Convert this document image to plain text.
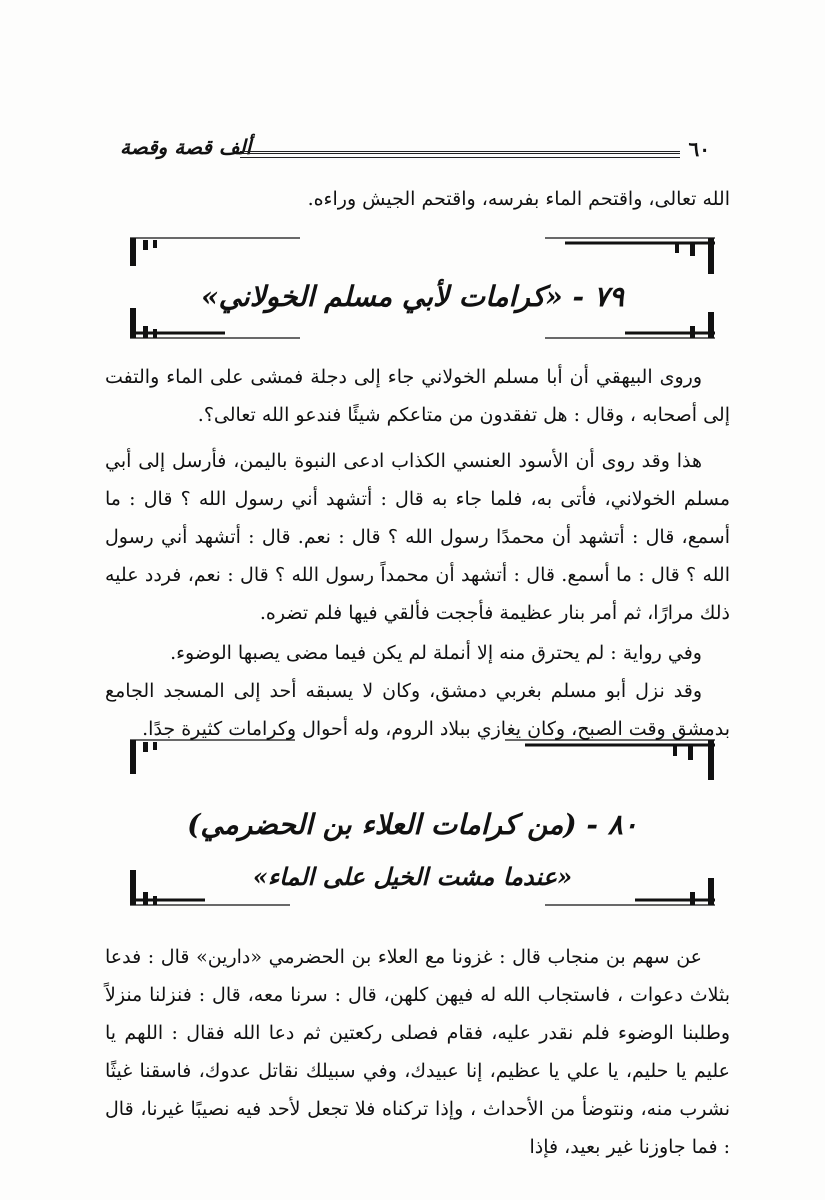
ألف قصة وقصة	٦٠

الله تعالى، واقتحم الماء بفرسه، واقتحم الجيش وراءه.

٧٩ - «كرامات لأبي مسلم الخولاني»

وروى البيهقي أن أبا مسلم الخولاني جاء إلى دجلة فمشى على الماء والتفت إلى أصحابه ، وقال : هل تفقدون من متاعكم شيئًا فندعو الله تعالى؟.

هذا وقد روى أن الأسود العنسي الكذاب ادعى النبوة باليمن، فأرسل إلى أبي مسلم الخولاني، فأتى به، فلما جاء به قال : أتشهد أني رسول الله ؟ قال : ما أسمع، قال : أتشهد أن محمدًا رسول الله ؟ قال : نعم. قال : أتشهد أني رسول الله ؟ قال : ما أسمع. قال : أتشهد أن محمداً رسول الله ؟ قال : نعم، فردد عليه ذلك مرارًا، ثم أمر بنار عظيمة فأججت فألقي فيها فلم تضره.

وفي رواية : لم يحترق منه إلا أنملة لم يكن فيما مضى يصبها الوضوء.

وقد نزل أبو مسلم بغربي دمشق، وكان لا يسبقه أحد إلى المسجد الجامع بدمشق وقت الصبح، وكان يغازي ببلاد الروم، وله أحوال وكرامات كثيرة جدًا.

٨٠ - (من كرامات العلاء بن الحضرمي)
«عندما مشت الخيل على الماء»

عن سهم بن منجاب قال : غزونا مع العلاء بن الحضرمي «دارين» قال : فدعا بثلاث دعوات ، فاستجاب الله له فيهن كلهن، قال : سرنا معه، قال : فنزلنا منزلاً وطلبنا الوضوء فلم نقدر عليه، فقام فصلى ركعتين ثم دعا الله فقال : اللهم يا عليم يا حليم، يا علي يا عظيم، إنا عبيدك، وفي سبيلك نقاتل عدوك، فاسقنا غيثًا نشرب منه، ونتوضأ من الأحداث ، وإذا تركناه فلا تجعل لأحد فيه نصيبًا غيرنا، قال : فما جاوزنا غير بعيد، فإذا
